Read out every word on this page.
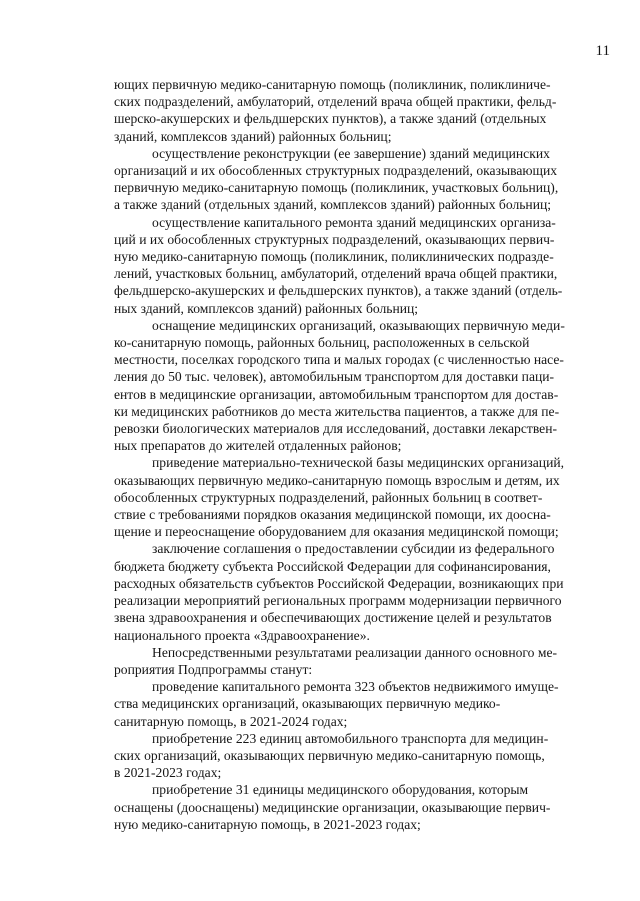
11

ющих первичную медико-санитарную помощь (поликлиник, поликлиниче-
ских подразделений, амбулаторий, отделений врача общей практики, фельд-
шерско-акушерских и фельдшерских пунктов), а также зданий (отдельных
зданий, комплексов зданий) районных больниц;

осуществление реконструкции (ее завершение) зданий медицинских
организаций и их обособленных структурных подразделений, оказывающих
первичную медико-санитарную помощь (поликлиник, участковых больниц),
а также зданий (отдельных зданий, комплексов зданий) районных больниц;

осуществление капитального ремонта зданий медицинских организа-
ций и их обособленных структурных подразделений, оказывающих первич-
ную медико-санитарную помощь (поликлиник, поликлинических подразде-
лений, участковых больниц, амбулаторий, отделений врача общей практики,
фельдшерско-акушерских и фельдшерских пунктов), а также зданий (отдель-
ных зданий, комплексов зданий) районных больниц;

оснащение медицинских организаций, оказывающих первичную меди-
ко-санитарную помощь, районных больниц, расположенных в сельской
местности, поселках городского типа и малых городах (с численностью насе-
ления до 50 тыс. человек), автомобильным транспортом для доставки паци-
ентов в медицинские организации, автомобильным транспортом для достав-
ки медицинских работников до места жительства пациентов, а также для пе-
ревозки биологических материалов для исследований, доставки лекарствен-
ных препаратов до жителей отдаленных районов;

приведение материально-технической базы медицинских организаций,
оказывающих первичную медико-санитарную помощь взрослым и детям, их
обособленных структурных подразделений, районных больниц в соответ-
ствие с требованиями порядков оказания медицинской помощи, их доосна-
щение и переоснащение оборудованием для оказания медицинской помощи;

заключение соглашения о предоставлении субсидии из федерального
бюджета бюджету субъекта Российской Федерации для софинансирования,
расходных обязательств субъектов Российской Федерации, возникающих при
реализации мероприятий региональных программ модернизации первичного
звена здравоохранения и обеспечивающих достижение целей и результатов
национального проекта «Здравоохранение».

Непосредственными результатами реализации данного основного ме-
роприятия Подпрограммы станут:

проведение капитального ремонта 323 объектов недвижимого имуще-
ства медицинских организаций, оказывающих первичную медико-
санитарную помощь, в 2021-2024 годах;

приобретение 223 единиц автомобильного транспорта для медицин-
ских организаций, оказывающих первичную медико-санитарную помощь,
в 2021-2023 годах;

приобретение 31 единицы медицинского оборудования, которым
оснащены (дооснащены) медицинские организации, оказывающие первич-
ную медико-санитарную помощь, в 2021-2023 годах;
